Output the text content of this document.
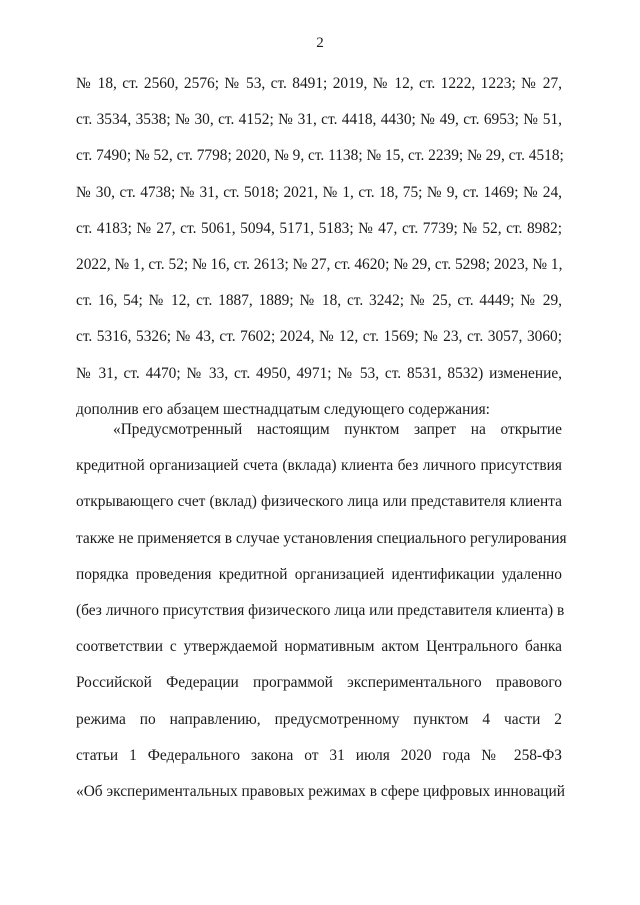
2
№ 18, ст. 2560, 2576; № 53, ст. 8491; 2019, № 12, ст. 1222, 1223; № 27,
ст. 3534, 3538; № 30, ст. 4152; № 31, ст. 4418, 4430; № 49, ст. 6953; № 51,
ст. 7490; № 52, ст. 7798; 2020, № 9, ст. 1138; № 15, ст. 2239; № 29, ст. 4518;
№ 30, ст. 4738; № 31, ст. 5018; 2021, № 1, ст. 18, 75; № 9, ст. 1469; № 24,
ст. 4183; № 27, ст. 5061, 5094, 5171, 5183; № 47, ст. 7739; № 52, ст. 8982;
2022, № 1, ст. 52; № 16, ст. 2613; № 27, ст. 4620; № 29, ст. 5298; 2023, № 1,
ст. 16, 54; № 12, ст. 1887, 1889; № 18, ст. 3242; № 25, ст. 4449; № 29,
ст. 5316, 5326; № 43, ст. 7602; 2024, № 12, ст. 1569; № 23, ст. 3057, 3060;
№ 31, ст. 4470; № 33, ст. 4950, 4971; № 53, ст. 8531, 8532) изменение,
дополнив его абзацем шестнадцатым следующего содержания:
«Предусмотренный настоящим пунктом запрет на открытие
кредитной организацией счета (вклада) клиента без личного присутствия
открывающего счет (вклад) физического лица или представителя клиента
также не применяется в случае установления специального регулирования
порядка проведения кредитной организацией идентификации удаленно
(без личного присутствия физического лица или представителя клиента) в
соответствии с утверждаемой нормативным актом Центрального банка
Российской Федерации программой экспериментального правового
режима по направлению, предусмотренному пунктом 4 части 2
статьи 1 Федерального закона от 31 июля 2020 года № 258-ФЗ
«Об экспериментальных правовых режимах в сфере цифровых инноваций
